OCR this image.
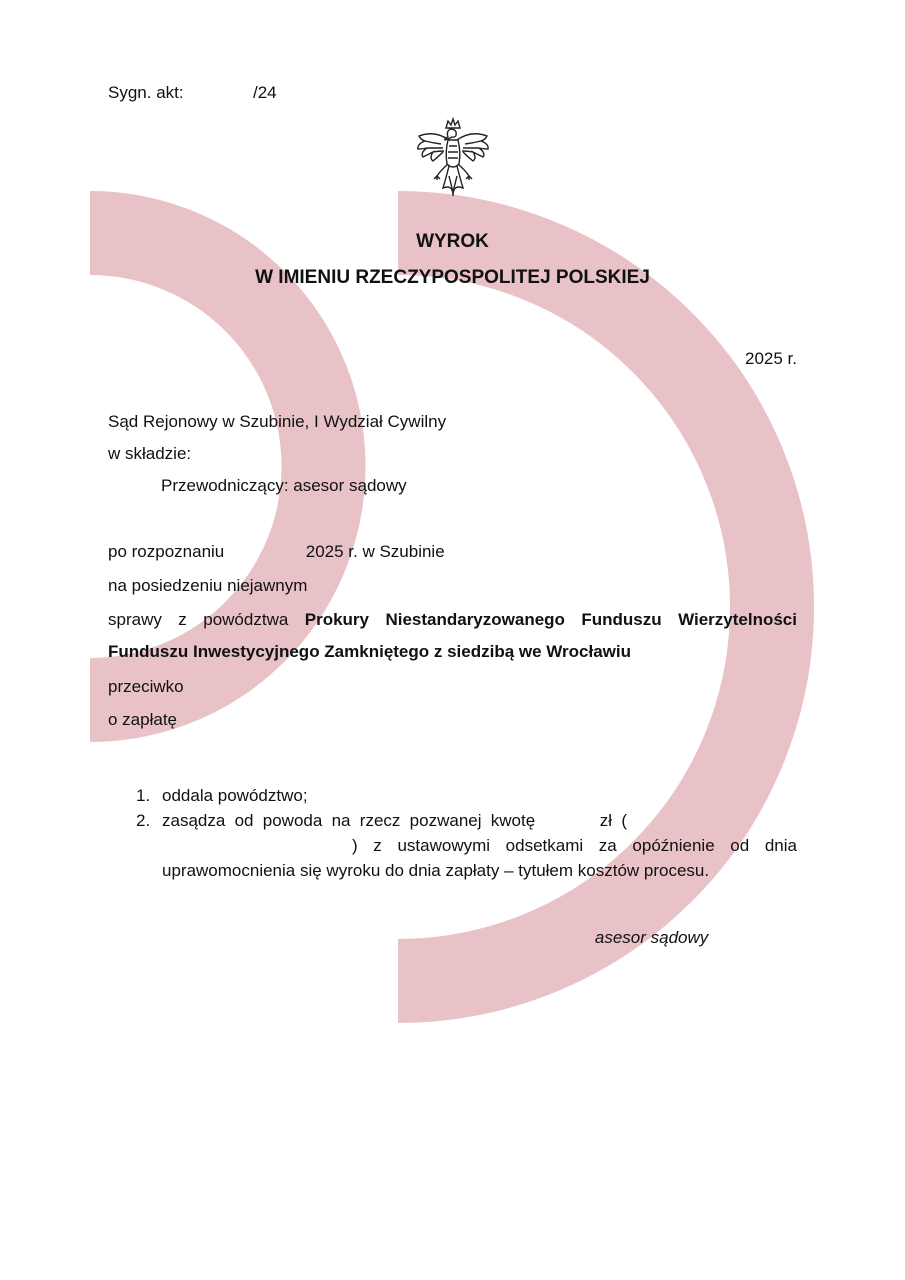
Sygn. akt:	/24
WYROK
W IMIENIU RZECZYPOSPOLITEJ POLSKIEJ
2025 r.
Sąd Rejonowy w Szubinie, I Wydział Cywilny
w składzie:
Przewodniczący: asesor sądowy
po rozpoznaniu	2025 r. w Szubinie
na posiedzeniu niejawnym
sprawy z powództwa Prokury Niestandaryzowanego Funduszu Wierzytelności Funduszu Inwestycyjnego Zamkniętego z siedzibą we Wrocławiu
przeciwko
o zapłatę
1. oddala powództwo;
2. zasądza od powoda na rzecz pozwanej kwotę	zł () z ustawowymi odsetkami za opóźnienie od dnia uprawomocnienia się wyroku do dnia zapłaty – tytułem kosztów procesu.
asesor sądowy
